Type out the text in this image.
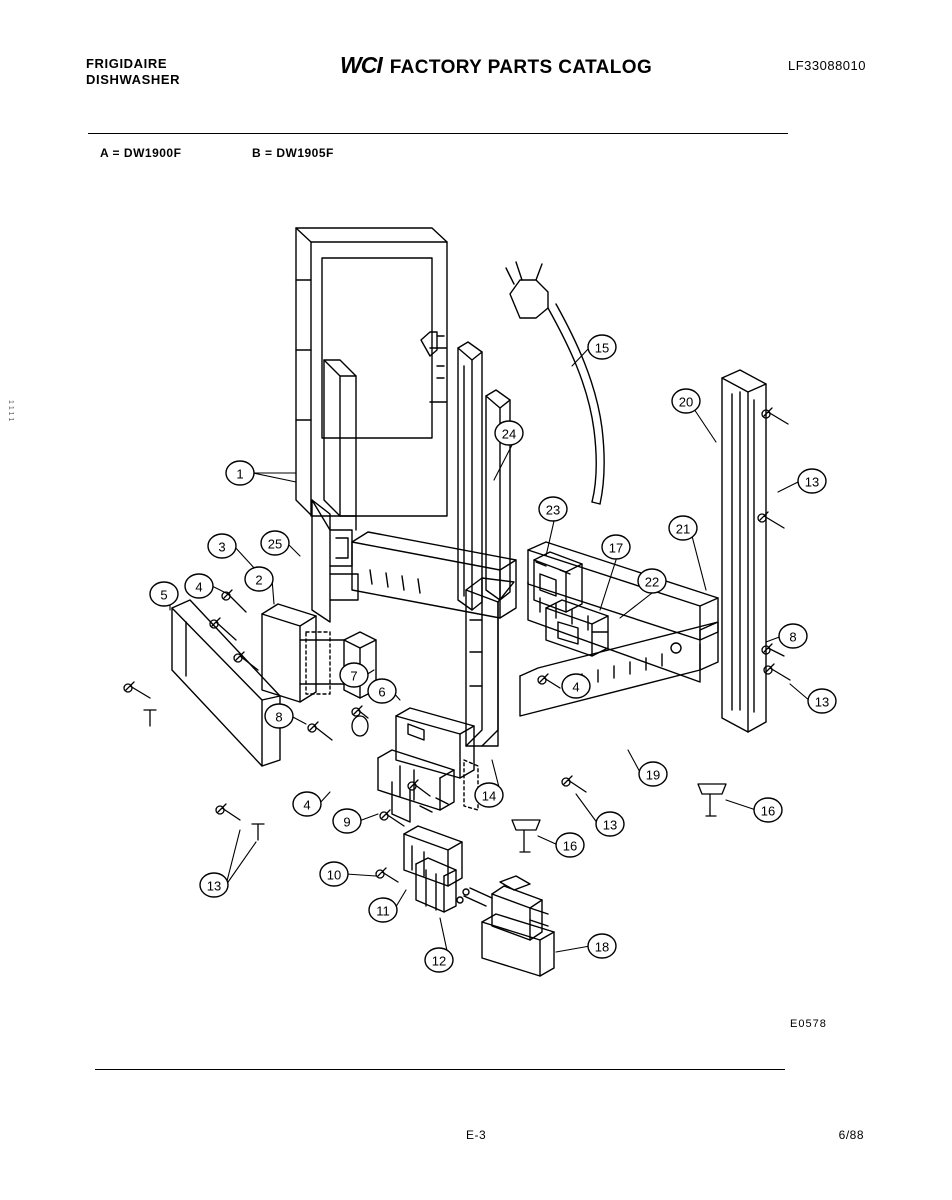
1 1 1 1
FRIGIDAIRE
DISHWASHER
WCI FACTORY PARTS CATALOG	LF33088010
A = DW1900F	B = DW1905F
1
2
3
4
4
4
5
6
7
8
8
9
10
11
12
13
13
13
13
14
15
16
16
17
18
19
20
21
22
23
24
25
E0578
E-3	6/88
